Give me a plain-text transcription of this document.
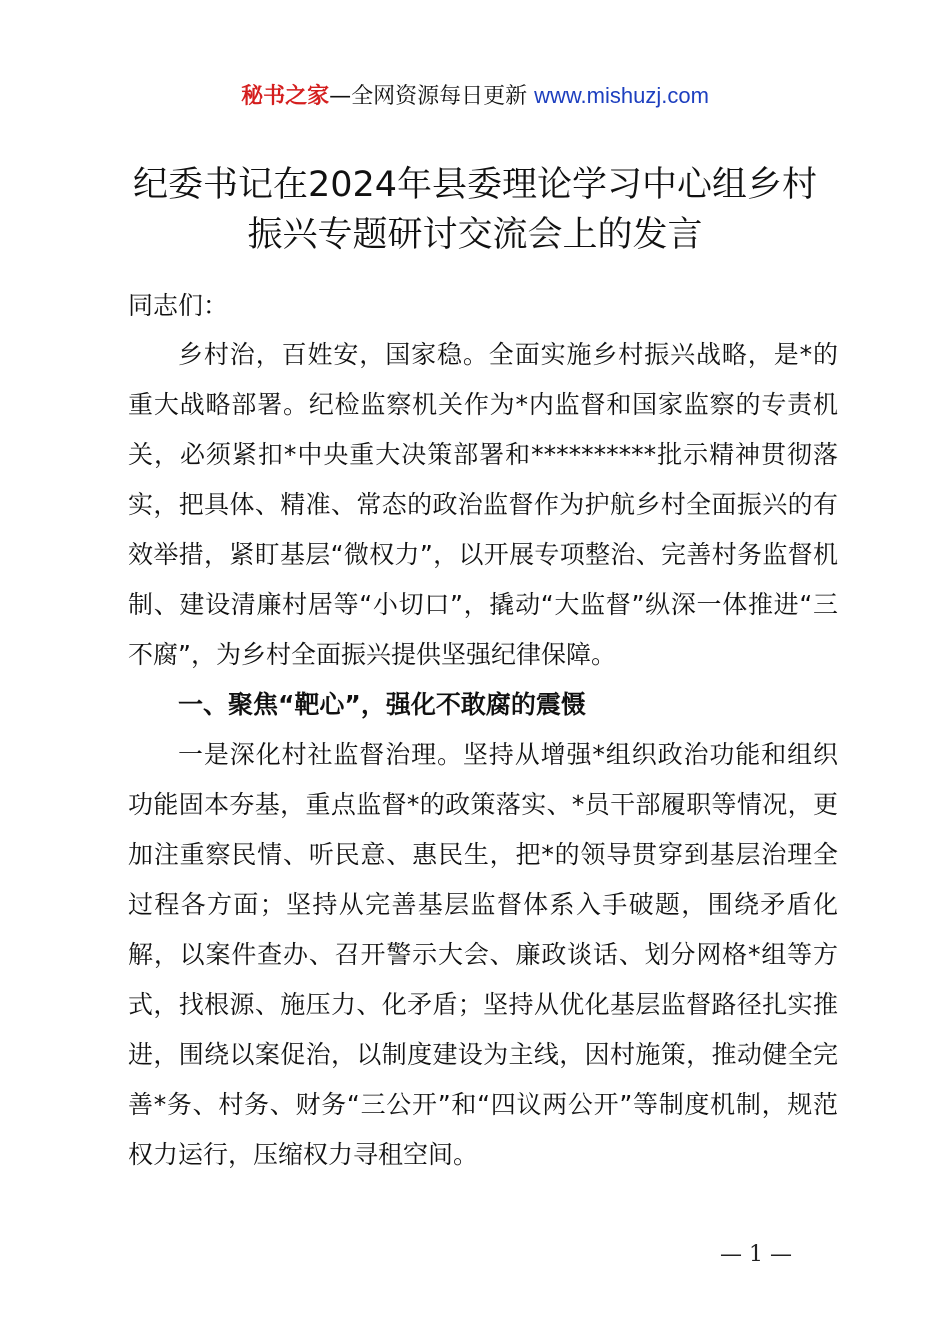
秘书之家—全网资源每日更新 www.mishuzj.com
纪委书记在2024年县委理论学习中心组乡村
振兴专题研讨交流会上的发言

同志们：

乡村治，百姓安，国家稳。全面实施乡村振兴战略，是*的重大战略部署。纪检监察机关作为*内监督和国家监察的专责机关，必须紧扣*中央重大决策部署和**********批示精神贯彻落实，把具体、精准、常态的政治监督作为护航乡村全面振兴的有效举措，紧盯基层“微权力”，以开展专项整治、完善村务监督机制、建设清廉村居等“小切口”，撬动“大监督”纵深一体推进“三不腐”，为乡村全面振兴提供坚强纪律保障。

一、聚焦“靶心”，强化不敢腐的震慑

一是深化村社监督治理。坚持从增强*组织政治功能和组织功能固本夯基，重点监督*的政策落实、*员干部履职等情况，更加注重察民情、听民意、惠民生，把*的领导贯穿到基层治理全过程各方面；坚持从完善基层监督体系入手破题，围绕矛盾化解，以案件查办、召开警示大会、廉政谈话、划分网格*组等方式，找根源、施压力、化矛盾；坚持从优化基层监督路径扎实推进，围绕以案促治，以制度建设为主线，因村施策，推动健全完善*务、村务、财务“三公开”和“四议两公开”等制度机制，规范权力运行，压缩权力寻租空间。

— 1 —
